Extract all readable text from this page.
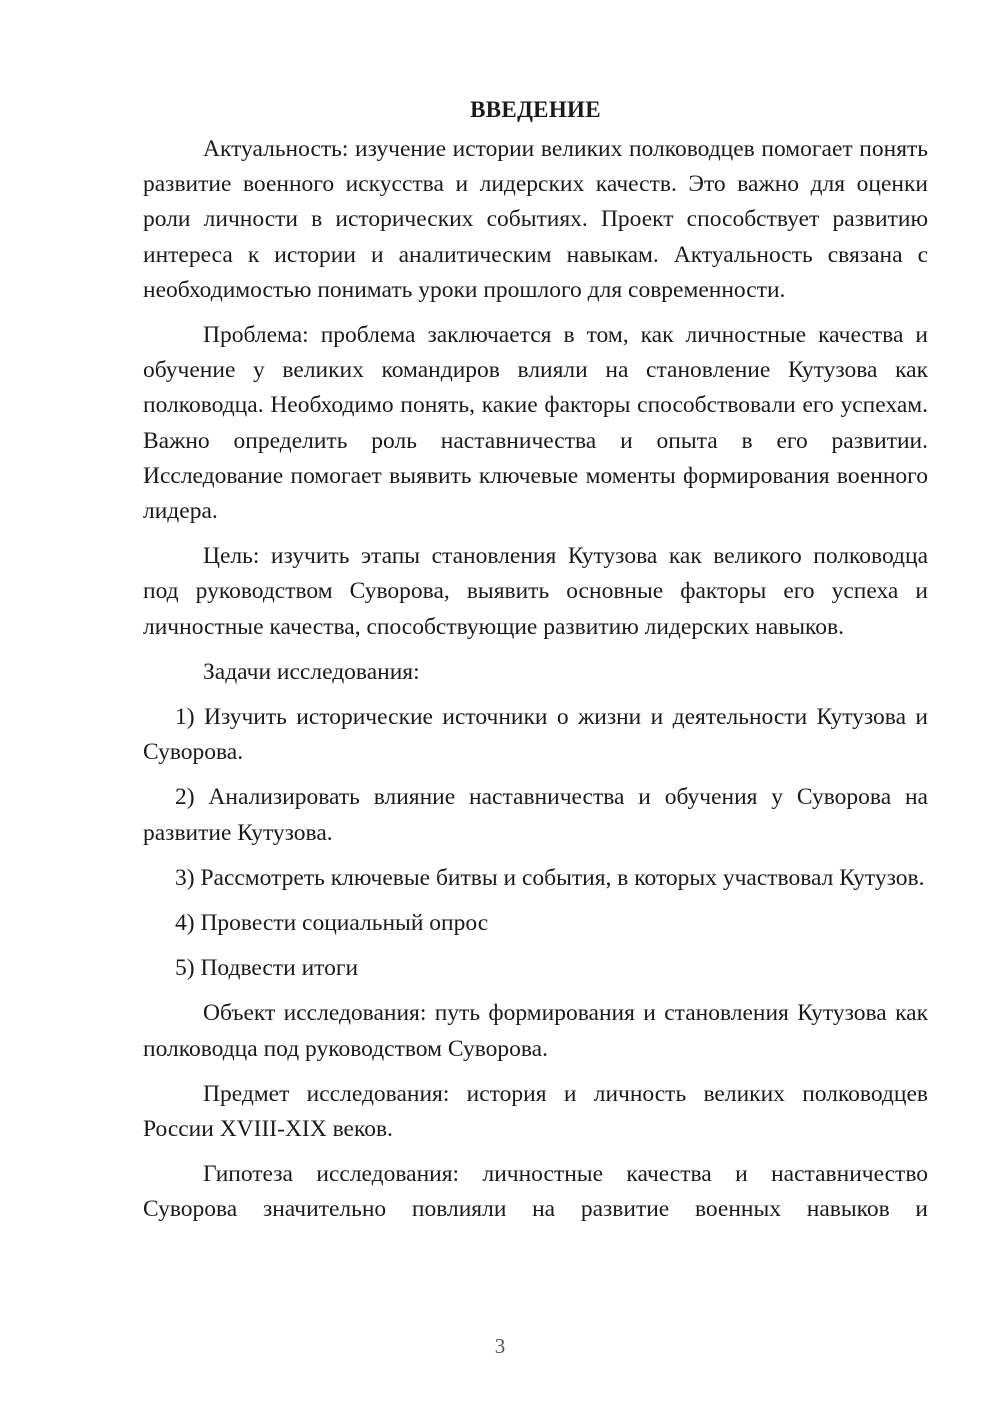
ВВЕДЕНИЕ

Актуальность: изучение истории великих полководцев помогает понять развитие военного искусства и лидерских качеств. Это важно для оценки роли личности в исторических событиях. Проект способствует развитию интереса к истории и аналитическим навыкам. Актуальность связана с необходимостью понимать уроки прошлого для современности.

Проблема: проблема заключается в том, как личностные качества и обучение у великих командиров влияли на становление Кутузова как полководца. Необходимо понять, какие факторы способствовали его успехам. Важно определить роль наставничества и опыта в его развитии. Исследование помогает выявить ключевые моменты формирования военного лидера.

Цель: изучить этапы становления Кутузова как великого полководца под руководством Суворова, выявить основные факторы его успеха и личностные качества, способствующие развитию лидерских навыков.

Задачи исследования:

1) Изучить исторические источники о жизни и деятельности Кутузова и Суворова.

2) Анализировать влияние наставничества и обучения у Суворова на развитие Кутузова.

3) Рассмотреть ключевые битвы и события, в которых участвовал Кутузов.

4) Провести социальный опрос

5) Подвести итоги

Объект исследования: путь формирования и становления Кутузова как полководца под руководством Суворова.

Предмет исследования: история и личность великих полководцев России XVIII-XIX веков.

Гипотеза исследования: личностные качества и наставничество Суворова значительно повлияли на развитие военных навыков и

3
